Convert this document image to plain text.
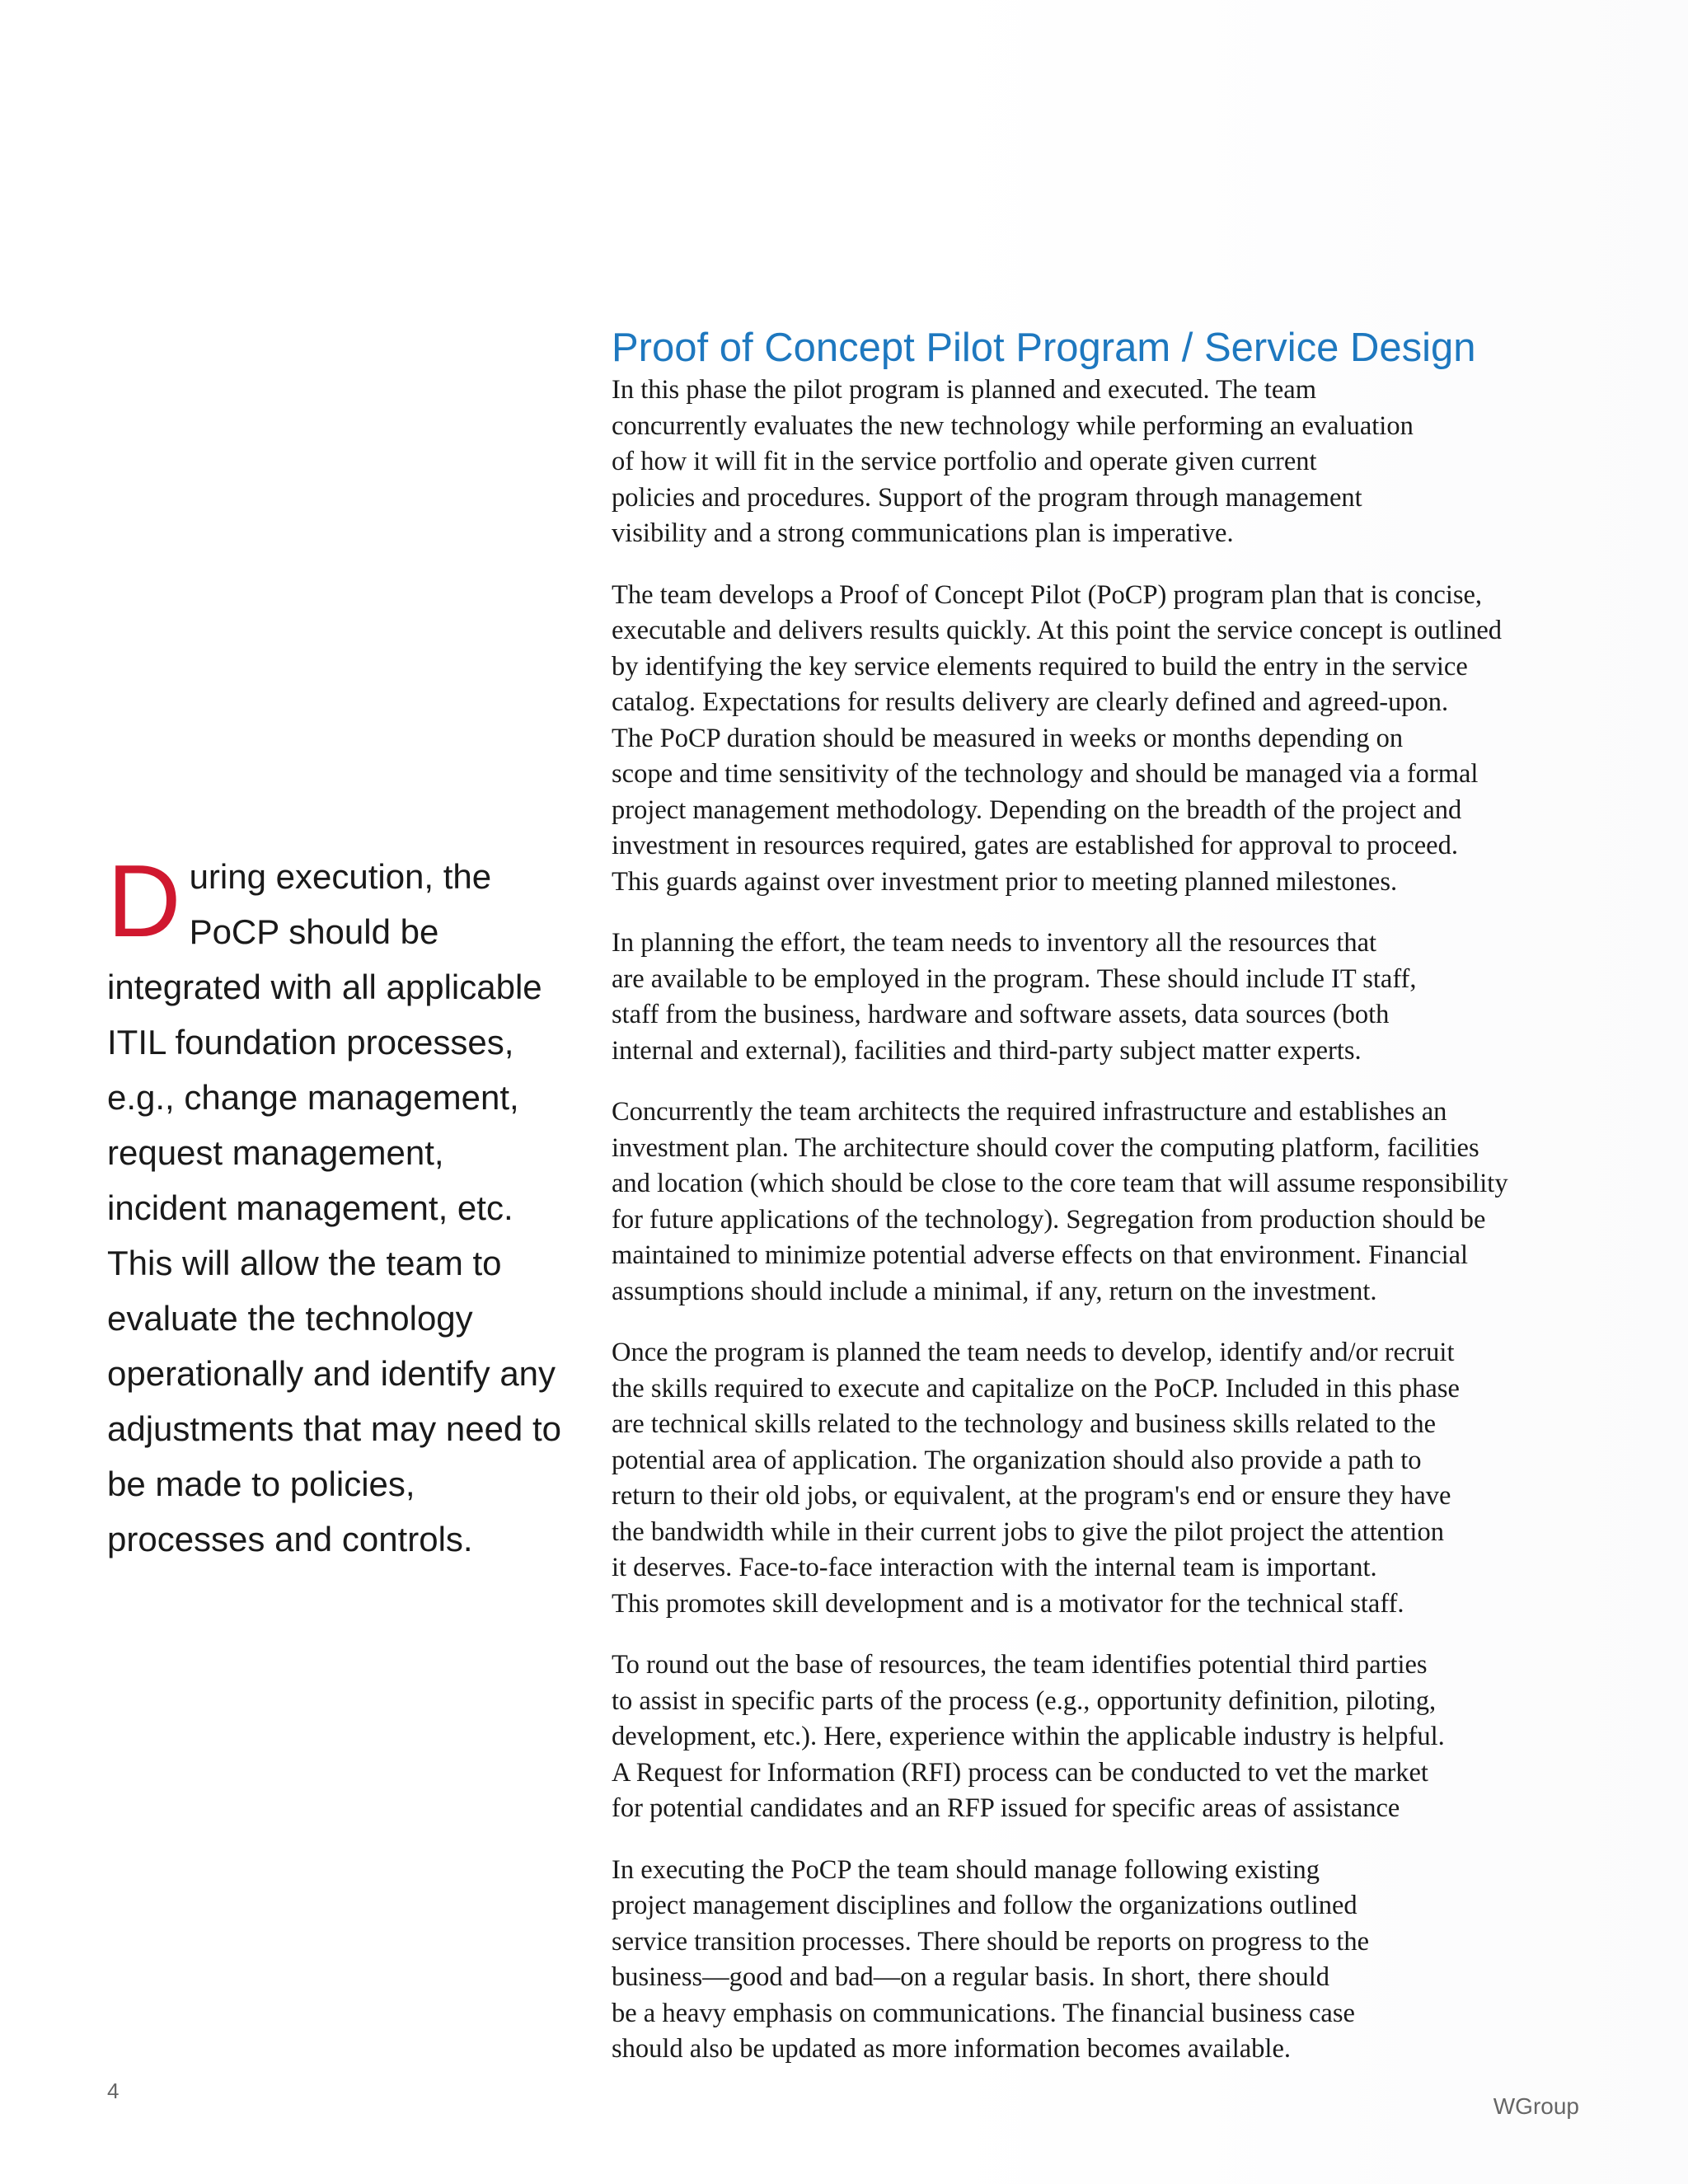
During execution, the PoCP should be integrated with all applicable ITIL foundation processes, e.g., change management, request management, incident management, etc. This will allow the team to evaluate the technology operationally and identify any adjustments that may need to be made to policies, processes and controls.
Proof of Concept Pilot Program / Service Design

In this phase the pilot program is planned and executed. The team
concurrently evaluates the new technology while performing an evaluation
of how it will fit in the service portfolio and operate given current
policies and procedures. Support of the program through management
visibility and a strong communications plan is imperative.

The team develops a Proof of Concept Pilot (PoCP) program plan that is concise,
executable and delivers results quickly. At this point the service concept is outlined
by identifying the key service elements required to build the entry in the service
catalog. Expectations for results delivery are clearly defined and agreed-upon.
The PoCP duration should be measured in weeks or months depending on
scope and time sensitivity of the technology and should be managed via a formal
project management methodology. Depending on the breadth of the project and
investment in resources required, gates are established for approval to proceed.
This guards against over investment prior to meeting planned milestones.

In planning the effort, the team needs to inventory all the resources that
are available to be employed in the program. These should include IT staff,
staff from the business, hardware and software assets, data sources (both
internal and external), facilities and third-party subject matter experts.

Concurrently the team architects the required infrastructure and establishes an
investment plan. The architecture should cover the computing platform, facilities
and location (which should be close to the core team that will assume responsibility
for future applications of the technology). Segregation from production should be
maintained to minimize potential adverse effects on that environment. Financial
assumptions should include a minimal, if any, return on the investment.

Once the program is planned the team needs to develop, identify and/or recruit
the skills required to execute and capitalize on the PoCP. Included in this phase
are technical skills related to the technology and business skills related to the
potential area of application. The organization should also provide a path to
return to their old jobs, or equivalent, at the program's end or ensure they have
the bandwidth while in their current jobs to give the pilot project the attention
it deserves. Face-to-face interaction with the internal team is important.
This promotes skill development and is a motivator for the technical staff.

To round out the base of resources, the team identifies potential third parties
to assist in specific parts of the process (e.g., opportunity definition, piloting,
development, etc.). Here, experience within the applicable industry is helpful.
A Request for Information (RFI) process can be conducted to vet the market
for potential candidates and an RFP issued for specific areas of assistance

In executing the PoCP the team should manage following existing
project management disciplines and follow the organizations outlined
service transition processes. There should be reports on progress to the
business—good and bad—on a regular basis. In short, there should
be a heavy emphasis on communications. The financial business case
should also be updated as more information becomes available.

4
WGroup
